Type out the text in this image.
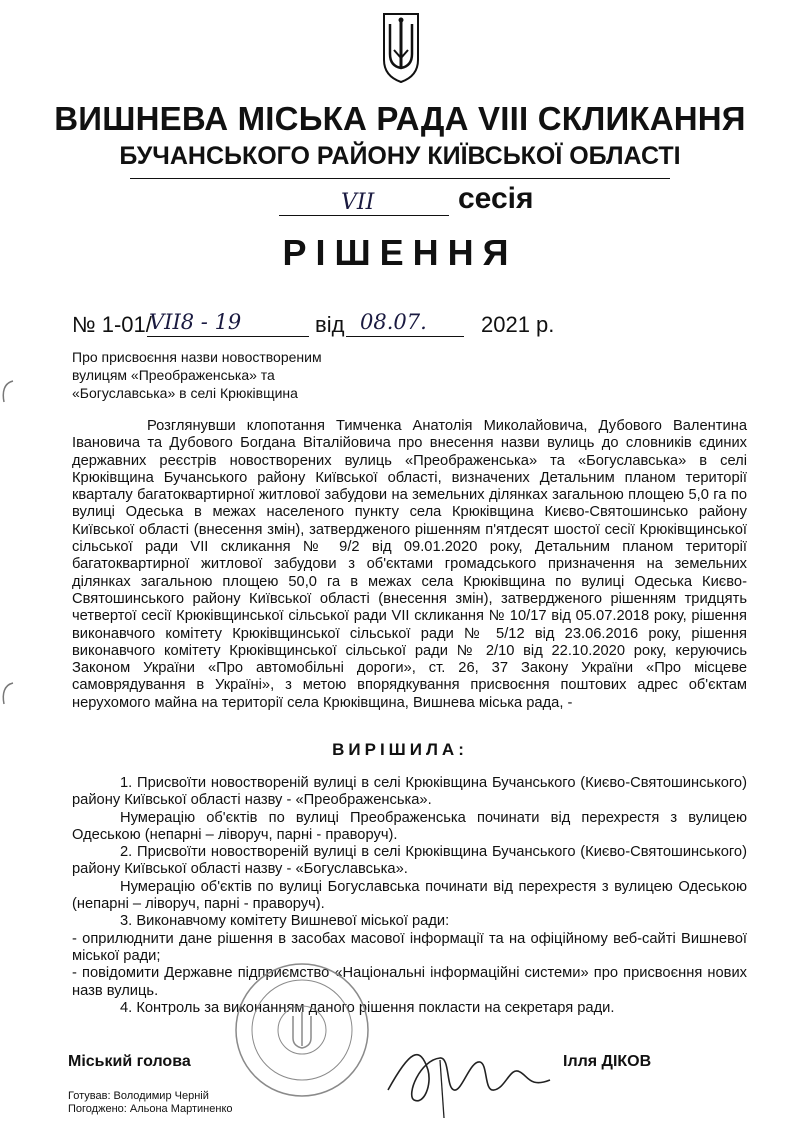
ВИШНЕВА МІСЬКА РАДА VIII СКЛИКАННЯ
БУЧАНСЬКОГО РАЙОНУ КИЇВСЬКОЇ ОБЛАСТІ
VII	сесія
РІШЕННЯ
№ 1-01/
VII8 - 19	від 08.07. 2021 р.
Про присвоєння назви новоствореним
вулицям «Преображенська» та
«Богуславська» в селі Крюківщина
Розглянувши клопотання Тимченка Анатолія Миколайовича, Дубового Валентина Івановича та Дубового Богдана Віталійовича про внесення назви вулиць до словників єдиних державних реєстрів новостворених вулиць «Преображенська» та «Богуславська» в селі Крюківщина Бучанського району Київської області, визначених Детальним планом території кварталу багатоквартирної житлової забудови на земельних ділянках загальною площею 5,0 га по вулиці Одеська в межах населеного пункту села Крюківщина Києво-Святошинсько району Київської області (внесення змін), затвердженого рішенням п'ятдесят шостої сесії Крюківщинської сільської ради VII скликання № 9/2 від 09.01.2020 року, Детальним планом території багатоквартирної житлової забудови з об'єктами громадського призначення на земельних ділянках загальною площею 50,0 га в межах села Крюківщина по вулиці Одеська Києво-Святошинського району Київської області (внесення змін), затвердженого рішенням тридцять четвертої сесії Крюківщинської сільської ради VII скликання № 10/17 від 05.07.2018 року, рішення виконавчого комітету Крюківщинської сільської ради № 5/12 від 23.06.2016 року, рішення виконавчого комітету Крюківщинської сільської ради № 2/10 від 22.10.2020 року, керуючись Законом України «Про автомобільні дороги», ст. 26, 37 Закону України «Про місцеве самоврядування в Україні», з метою впорядкування присвоєння поштових адрес об'єктам нерухомого майна на території села Крюківщина, Вишнева міська рада, -
ВИРІШИЛА:

1. Присвоїти новоствореній вулиці в селі Крюківщина Бучанського (Києво-Святошинського) району Київської області назву - «Преображенська».

Нумерацію об'єктів по вулиці Преображенська починати від перехрестя з вулицею Одеською (непарні – ліворуч, парні - праворуч).

2. Присвоїти новоствореній вулиці в селі Крюківщина Бучанського (Києво-Святошинського) району Київської області назву - «Богуславська».

Нумерацію об'єктів по вулиці Богуславська починати від перехрестя з вулицею Одеською (непарні – ліворуч, парні - праворуч).

3. Виконавчому комітету Вишневої міської ради:

- оприлюднити дане рішення в засобах масової інформації та на офіційному веб-сайті Вишневої міської ради;

- повідомити Державне підприємство «Національні інформаційні системи» про присвоєння нових назв вулиць.

4. Контроль за виконанням даного рішення покласти на секретаря ради.

Міський голова	Ілля ДІКОВ
Готував: Володимир Черній
Погоджено: Альона Мартиненко
